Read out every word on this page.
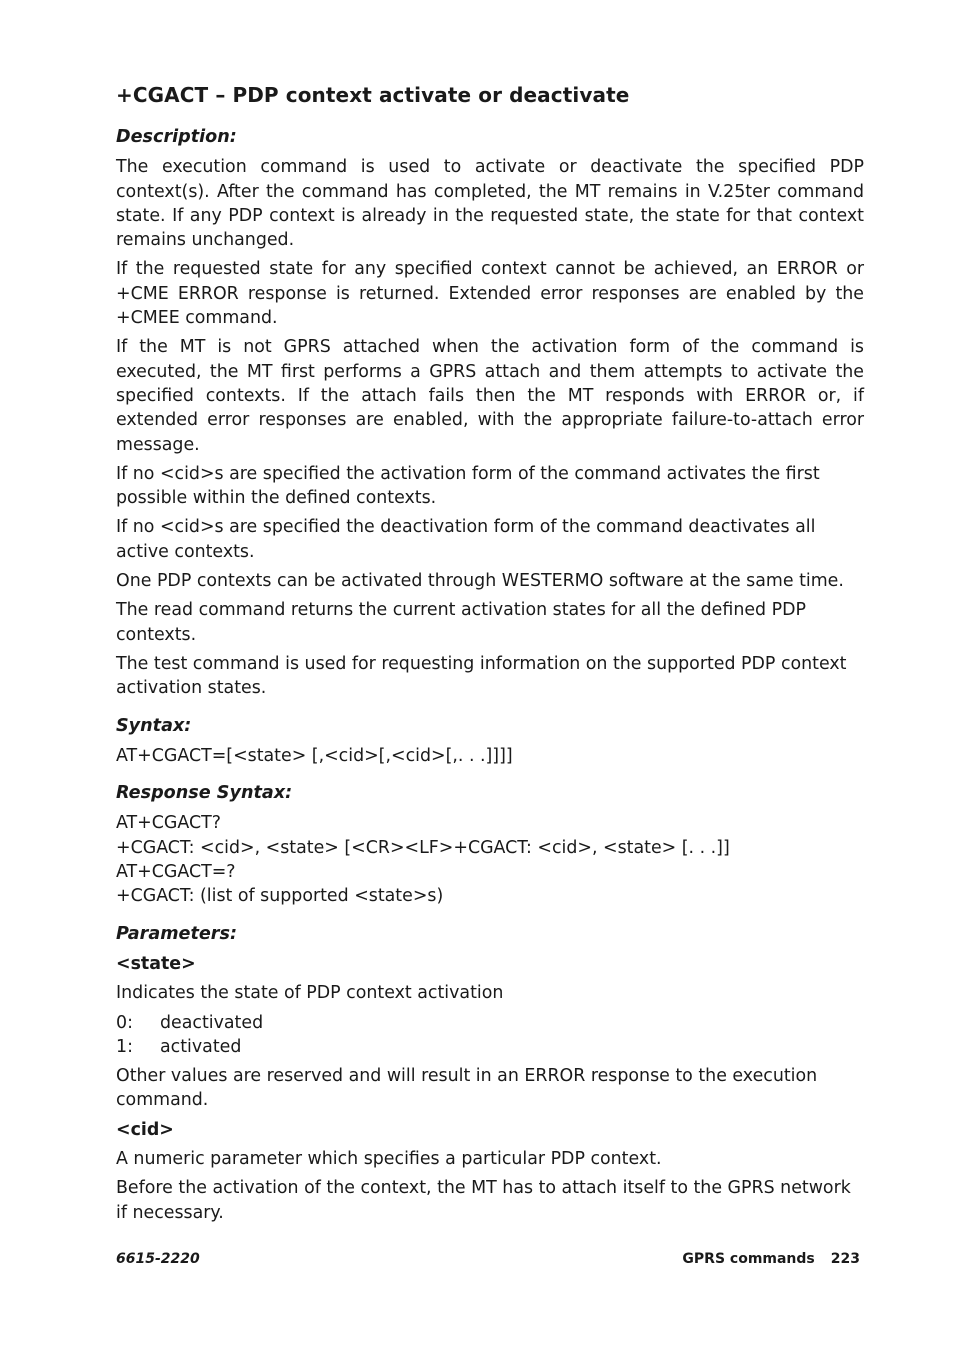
+CGACT – PDP context activate or deactivate
Description:

The execution command is used to activate or deactivate the specified PDP context(s). After the command has completed, the MT remains in V.25ter command state. If any PDP context is already in the requested state, the state for that context remains unchanged.

If the requested state for any specified context cannot be achieved, an ERROR or +CME ERROR response is returned. Extended error responses are enabled by the +CMEE command.

If the MT is not GPRS attached when the activation form of the command is executed, the MT first performs a GPRS attach and them attempts to activate the specified contexts. If the attach fails then the MT responds with ERROR or, if extended error responses are enabled, with the appropriate failure-to-attach error message.

If no <cid>s are specified the activation form of the command activates the first possible within the defined contexts.

If no <cid>s are specified the deactivation form of the command deactivates all active contexts.

One PDP contexts can be activated through WESTERMO software at the same time.

The read command returns the current activation states for all the defined PDP contexts.

The test command is used for requesting information on the supported PDP context activation states.

Syntax:

AT+CGACT=[<state> [,<cid>[,<cid>[,. . .]]]]

Response Syntax:

AT+CGACT?

+CGACT: <cid>, <state> [<CR><LF>+CGACT: <cid>, <state> [. . .]]

AT+CGACT=?

+CGACT: (list of supported <state>s)

Parameters:
<state>

Indicates the state of PDP context activation

0:	deactivated
1:	activated

Other values are reserved and will result in an ERROR response to the execution command.

<cid>

A numeric parameter which specifies a particular PDP context.

Before the activation of the context, the MT has to attach itself to the GPRS network if necessary.

6615-2220	GPRS commands 223
